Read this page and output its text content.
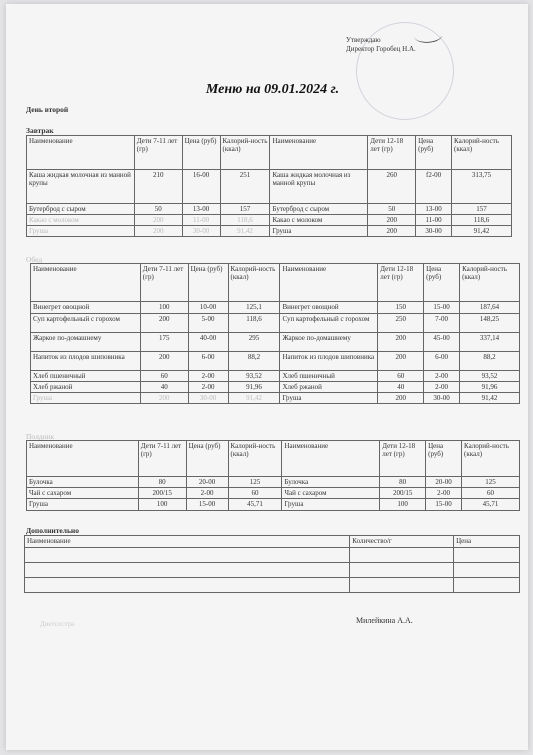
Утверждаю
Директор Горобец Н.А.
Меню на 09.01.2024 г.
День второй
Завтрак
Наименование	Дети 7-11 лет (гр)	Цена (руб)	Калорий-ность (ккал)	Наименование	Дети 12-18 лет (гр)	Цена (руб)	Калорий-ность (ккал)
Каша жидкая молочная из манной крупы	210	16-00	251	Каша жидкая молочная из манной крупы	260	f2-00	313,75
Бутерброд с сыром	50	13-00	157	Бутерброд с сыром	50	13-00	157
Какао с молоком	200	11-00	118,6	Какао с молоком	200	11-00	118,6
Груша	200	30-00	91,42	Груша	200	30-00	91,42
Обед
Наименование	Дети 7-11 лет (гр)	Цена (руб)	Калорий-ность (ккал)	Наименование	Дети 12-18 лет (гр)	Цена (руб)	Калорий-ность (ккал)
Винегрет овощной	100	10-00	125,1	Винегрет овощной	150	15-00	187,64
Суп картофельный с горохом	200	5-00	118,6	Суп картофельный с горохом	250	7-00	148,25
Жаркое по-домашнему	175	40-00	295	Жаркое по-домашнему	200	45-00	337,14
Напиток из плодов шиповника	200	6-00	88,2	Напиток из плодов шиповника	200	6-00	88,2
Хлеб пшеничный	60	2-00	93,52	Хлеб пшеничный	60	2-00	93,52
Хлеб ржаной	40	2-00	91,96	Хлеб ржаной	40	2-00	91,96
Груша	200	30-00	91,42	Груша	200	30-00	91,42
Полдник
Наименование	Дети 7-11 лет (гр)	Цена (руб)	Калорий-ность (ккал)	Наименование	Дети 12-18 лет (гр)	Цена (руб)	Калорий-ность (ккал)
Булочка	80	20-00	125	Булочка	80	20-00	125
Чай с сахаром	200/15	2-00	60	Чай с сахаром	200/15	2-00	60
Груша	100	15-00	45,71	Груша	100	15-00	45,71
Дополнительно
Наименование	Количество/г	Цена

Диетсестра	Милейкина А.А.
